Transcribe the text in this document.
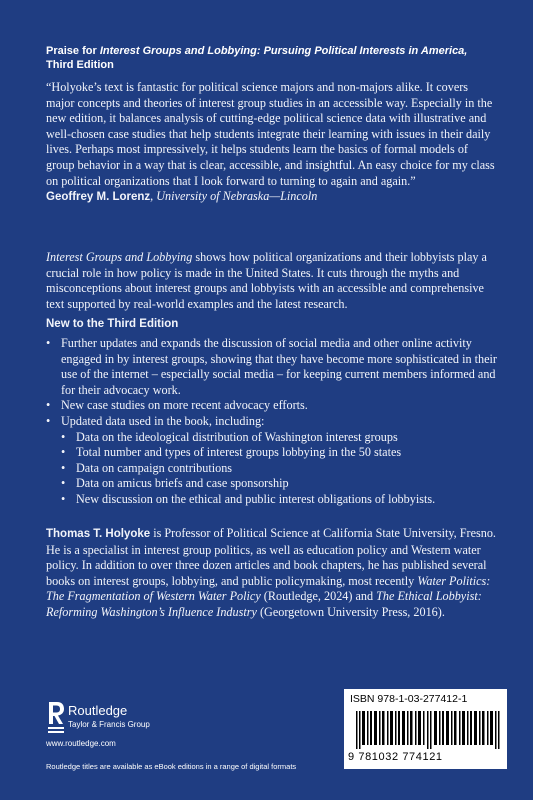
Praise for Interest Groups and Lobbying: Pursuing Political Interests in America,
Third Edition
“Holyoke’s text is fantastic for political science majors and non-majors alike. It covers major concepts and theories of interest group studies in an accessible way. Especially in the new edition, it balances analysis of cutting-edge political science data with illustrative and well-chosen case studies that help students integrate their learning with issues in their daily lives. Perhaps most impressively, it helps students learn the basics of formal models of group behavior in a way that is clear, accessible, and insightful. An easy choice for my class on political organizations that I look forward to turning to again and again.”
Geoffrey M. Lorenz, University of Nebraska—Lincoln
Interest Groups and Lobbying shows how political organizations and their lobbyists play a crucial role in how policy is made in the United States. It cuts through the myths and misconceptions about interest groups and lobbyists with an accessible and comprehensive text supported by real-world examples and the latest research.
New to the Third Edition
• Further updates and expands the discussion of social media and other online activity engaged in by interest groups, showing that they have become more sophisticated in their use of the internet – especially social media – for keeping current members informed and for their advocacy work.
• New case studies on more recent advocacy efforts.
• Updated data used in the book, including:
• Data on the ideological distribution of Washington interest groups
• Total number and types of interest groups lobbying in the 50 states
• Data on campaign contributions
• Data on amicus briefs and case sponsorship
• New discussion on the ethical and public interest obligations of lobbyists.
Thomas T. Holyoke is Professor of Political Science at California State University, Fresno. He is a specialist in interest group politics, as well as education policy and Western water policy. In addition to over three dozen articles and book chapters, he has published several books on interest groups, lobbying, and public policymaking, most recently Water Politics: The Fragmentation of Western Water Policy (Routledge, 2024) and The Ethical Lobbyist: Reforming Washington’s Influence Industry (Georgetown University Press, 2016).
Routledge
Taylor & Francis Group
www.routledge.com
Routledge titles are available as eBook editions in a range of digital formats
ISBN 978-1-03-277412-1
9 781032 774121
an informa business
